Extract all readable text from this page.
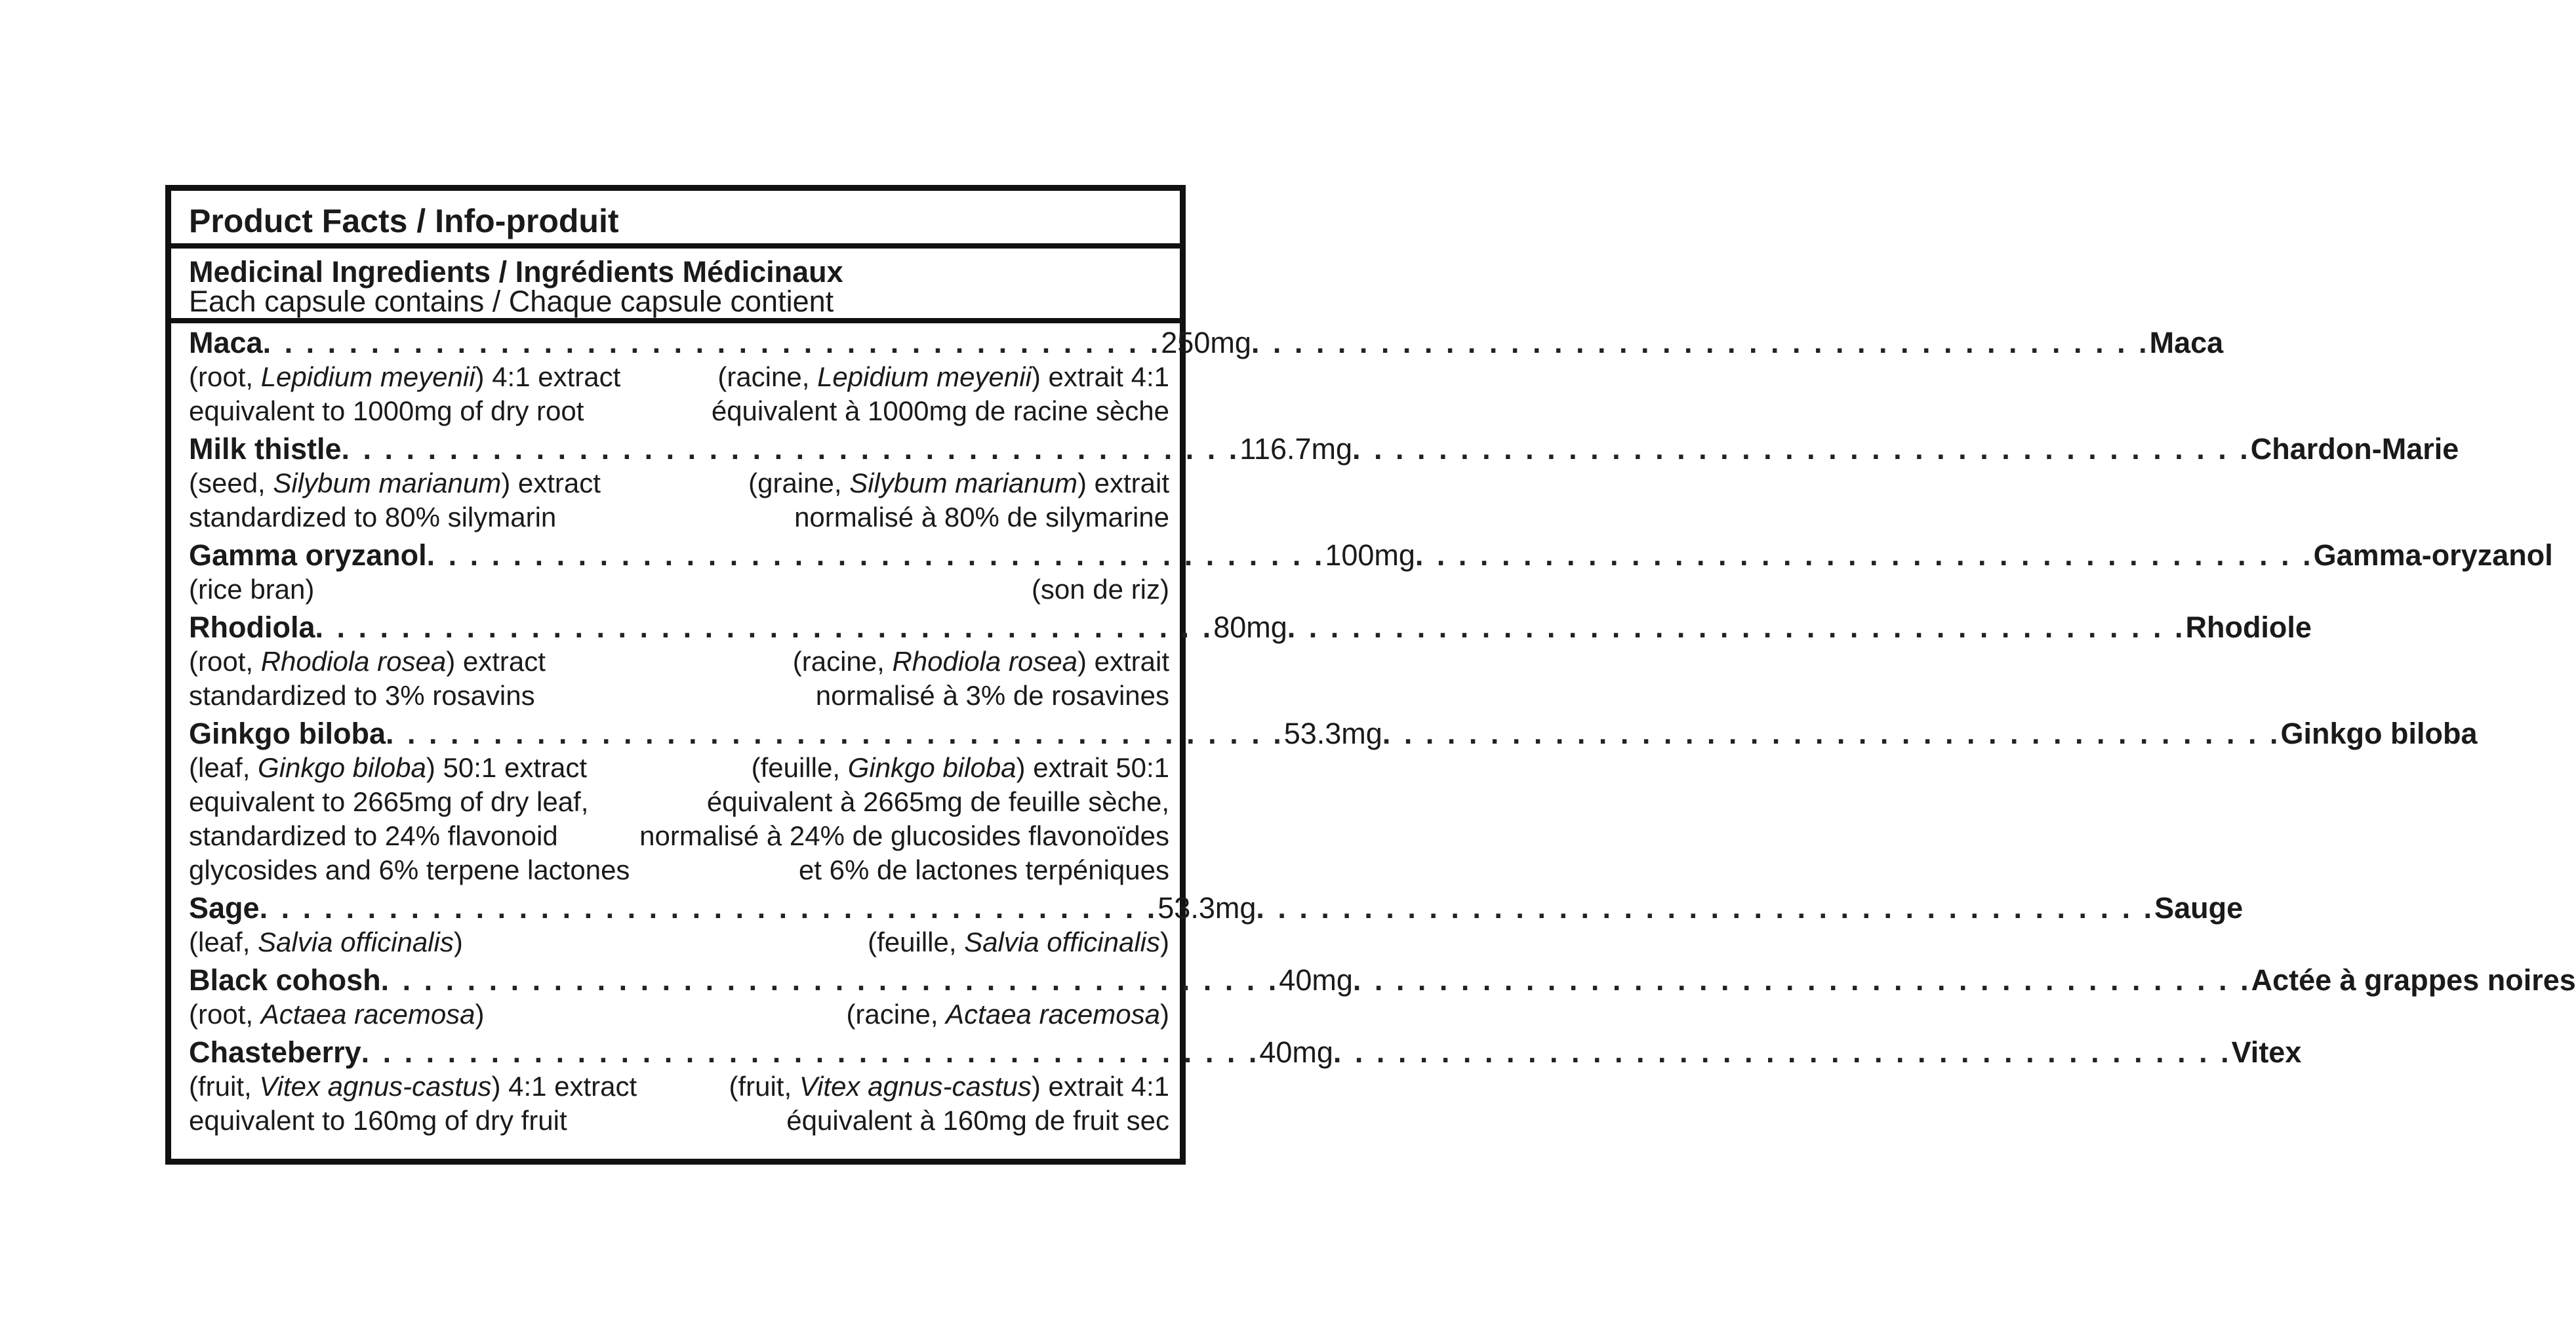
Product Facts / Info-produit
Medicinal Ingredients / Ingrédients Médicinaux
Each capsule contains / Chaque capsule contient
Maca . . . . . . . . . . . . . . . . . . . . . . . . . . . . . . . . . . . . . . . . . . 250mg . . . . . . . . . . . . . . . . . . . . . . . . . . . . . . . . . . . . . . . . . . Maca
(root, Lepidium meyenii) 4:1 extract	(racine, Lepidium meyenii) extrait 4:1
equivalent to 1000mg of dry root	équivalent à 1000mg de racine sèche
Milk thistle . . . . . . . . . . . . . . . . . . . . . . . . . . . . . . . . . . . . . . . . . . 116.7mg . . . . . . . . . . . . . . . . . . . . . . . . . . . . . . . . . . . . . . . . . . Chardon-Marie
(seed, Silybum marianum) extract	(graine, Silybum marianum) extrait
standardized to 80% silymarin	normalisé à 80% de silymarine
Gamma oryzanol . . . . . . . . . . . . . . . . . . . . . . . . . . . . . . . . . . . . . . . . . . 100mg . . . . . . . . . . . . . . . . . . . . . . . . . . . . . . . . . . . . . . . . . . Gamma-oryzanol
(rice bran)	(son de riz)
Rhodiola . . . . . . . . . . . . . . . . . . . . . . . . . . . . . . . . . . . . . . . . . . 80mg . . . . . . . . . . . . . . . . . . . . . . . . . . . . . . . . . . . . . . . . . . Rhodiole
(root, Rhodiola rosea) extract	(racine, Rhodiola rosea) extrait
standardized to 3% rosavins	normalisé à 3% de rosavines
Ginkgo biloba . . . . . . . . . . . . . . . . . . . . . . . . . . . . . . . . . . . . . . . . . . 53.3mg . . . . . . . . . . . . . . . . . . . . . . . . . . . . . . . . . . . . . . . . . . Ginkgo biloba
(leaf, Ginkgo biloba) 50:1 extract	(feuille, Ginkgo biloba) extrait 50:1
equivalent to 2665mg of dry leaf,	équivalent à 2665mg de feuille sèche,
standardized to 24% flavonoid	normalisé à 24% de glucosides flavonoïdes
glycosides and 6% terpene lactones	et 6% de lactones terpéniques
Sage . . . . . . . . . . . . . . . . . . . . . . . . . . . . . . . . . . . . . . . . . . 53.3mg . . . . . . . . . . . . . . . . . . . . . . . . . . . . . . . . . . . . . . . . . . Sauge
(leaf, Salvia officinalis)	(feuille, Salvia officinalis)
Black cohosh . . . . . . . . . . . . . . . . . . . . . . . . . . . . . . . . . . . . . . . . . . 40mg . . . . . . . . . . . . . . . . . . . . . . . . . . . . . . . . . . . . . . . . . . Actée à grappes noires
(root, Actaea racemosa)	(racine, Actaea racemosa)
Chasteberry . . . . . . . . . . . . . . . . . . . . . . . . . . . . . . . . . . . . . . . . . . 40mg . . . . . . . . . . . . . . . . . . . . . . . . . . . . . . . . . . . . . . . . . . Vitex
(fruit, Vitex agnus-castus) 4:1 extract	(fruit, Vitex agnus-castus) extrait 4:1
equivalent to 160mg of dry fruit	équivalent à 160mg de fruit sec
